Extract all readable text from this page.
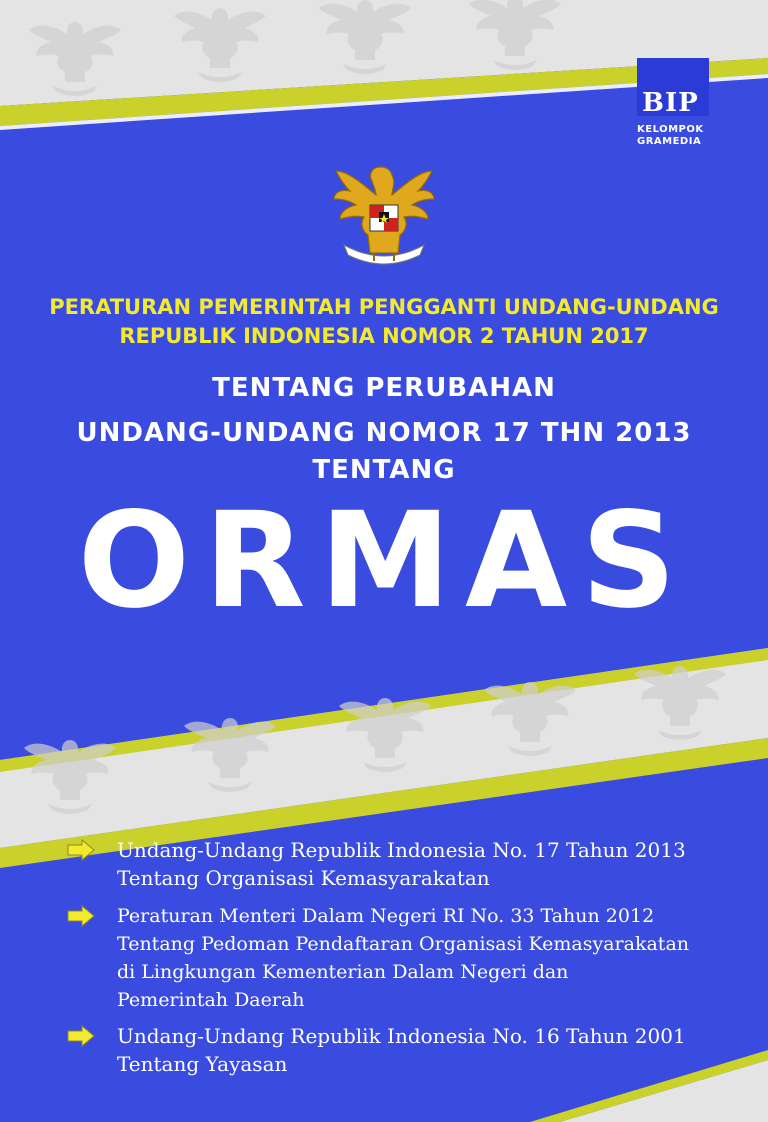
BIP
KELOMPOK
GRAMEDIA
PERATURAN PEMERINTAH PENGGANTI UNDANG-UNDANG
REPUBLIK INDONESIA NOMOR 2 TAHUN 2017
TENTANG PERUBAHAN
UNDANG-UNDANG NOMOR 17 THN 2013
TENTANG
ORMAS
Undang-Undang Republik Indonesia No. 17 Tahun 2013
Tentang Organisasi Kemasyarakatan
Peraturan Menteri Dalam Negeri RI No. 33 Tahun 2012
Tentang Pedoman Pendaftaran Organisasi Kemasyarakatan
di Lingkungan Kementerian Dalam Negeri dan
Pemerintah Daerah
Undang-Undang Republik Indonesia No. 16 Tahun 2001
Tentang Yayasan
